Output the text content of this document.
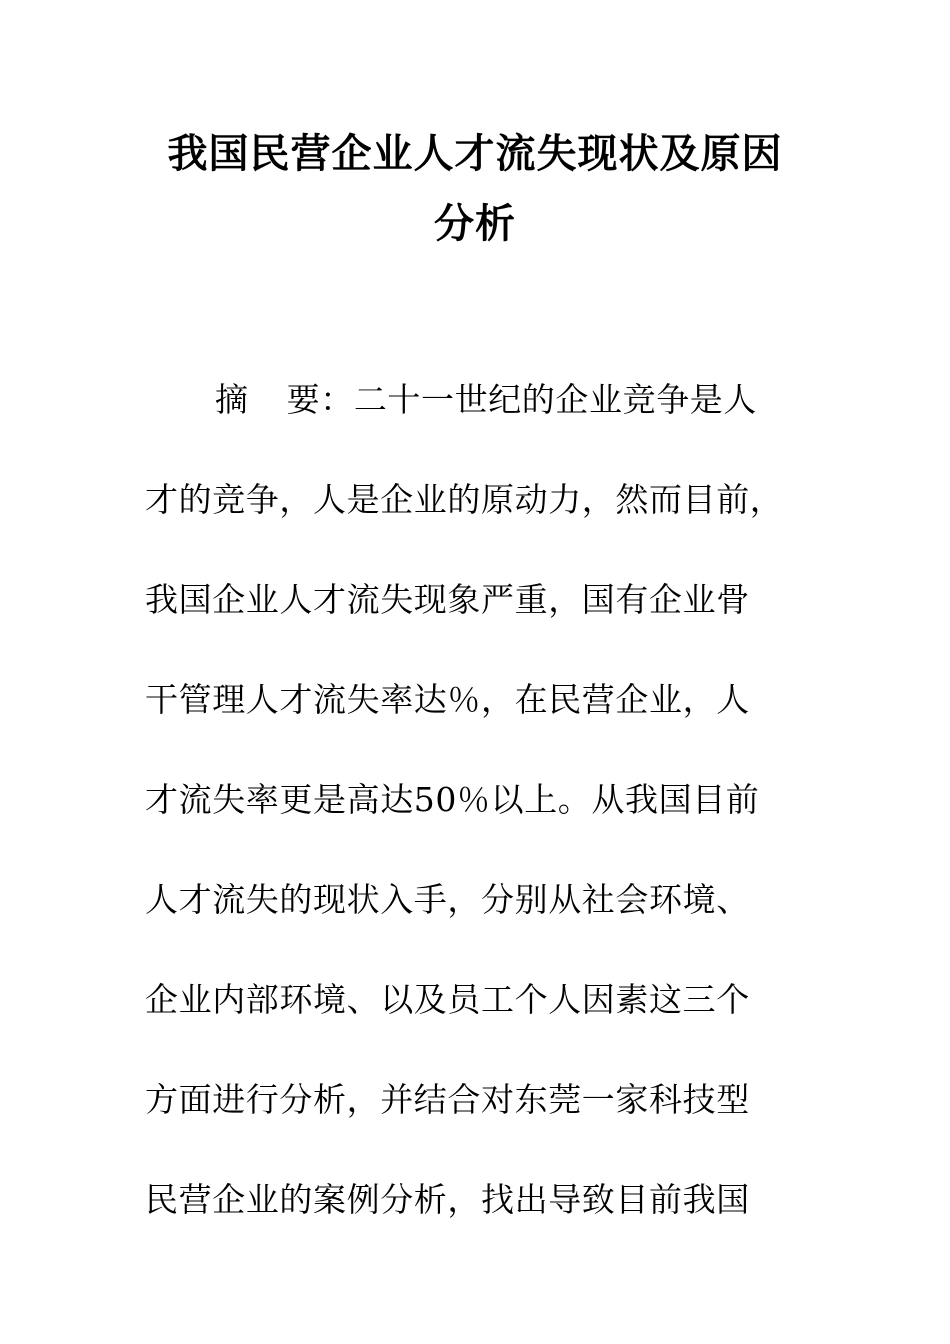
我国民营企业人才流失现状及原因
分析

摘 要：二十一世纪的企业竞争是人

才的竞争，人是企业的原动力，然而目前，

我国企业人才流失现象严重，国有企业骨

干管理人才流失率达％，在民营企业，人

才流失率更是高达50％以上。从我国目前

人才流失的现状入手，分别从社会环境、

企业内部环境、以及员工个人因素这三个

方面进行分析，并结合对东莞一家科技型

民营企业的案例分析，找出导致目前我国
